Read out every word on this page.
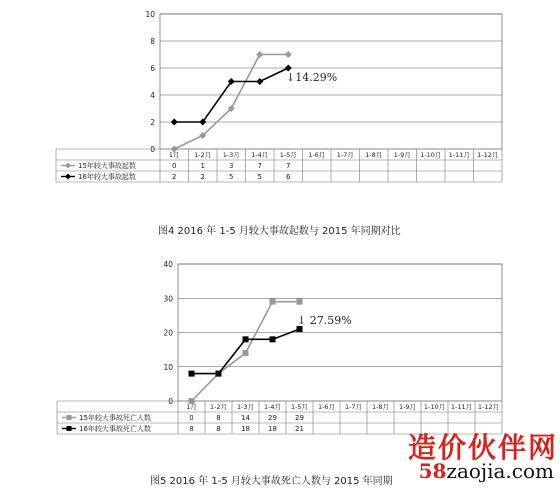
0
2
4
6
8
10
1月 1-2月 1-3月 1-4月 1-5月 1-6月 1-7月 1-8月 1-9月 1-10月 1-11月 1-12月
15年较大事故起数	0	1	3	7	7
16年较大事故起数	2	2	5	5	6
↓14.29%
图4 2016 年 1-5 月较大事故起数与 2015 年同期对比
0
10
20
30
40
1月 1-2月 1-3月 1-4月 1-5月 1-6月 1-7月 1-8月 1-9月 1-10月 1-11月 1-12月
15年较大事故死亡人数	0	8	14	29	29
16年较大事故死亡人数	8	8	18	18	21
↓ 27.59%
图5 2016 年 1-5 月较大事故死亡人数与 2015 年同期
造价伙伴网
58zaojia.com
